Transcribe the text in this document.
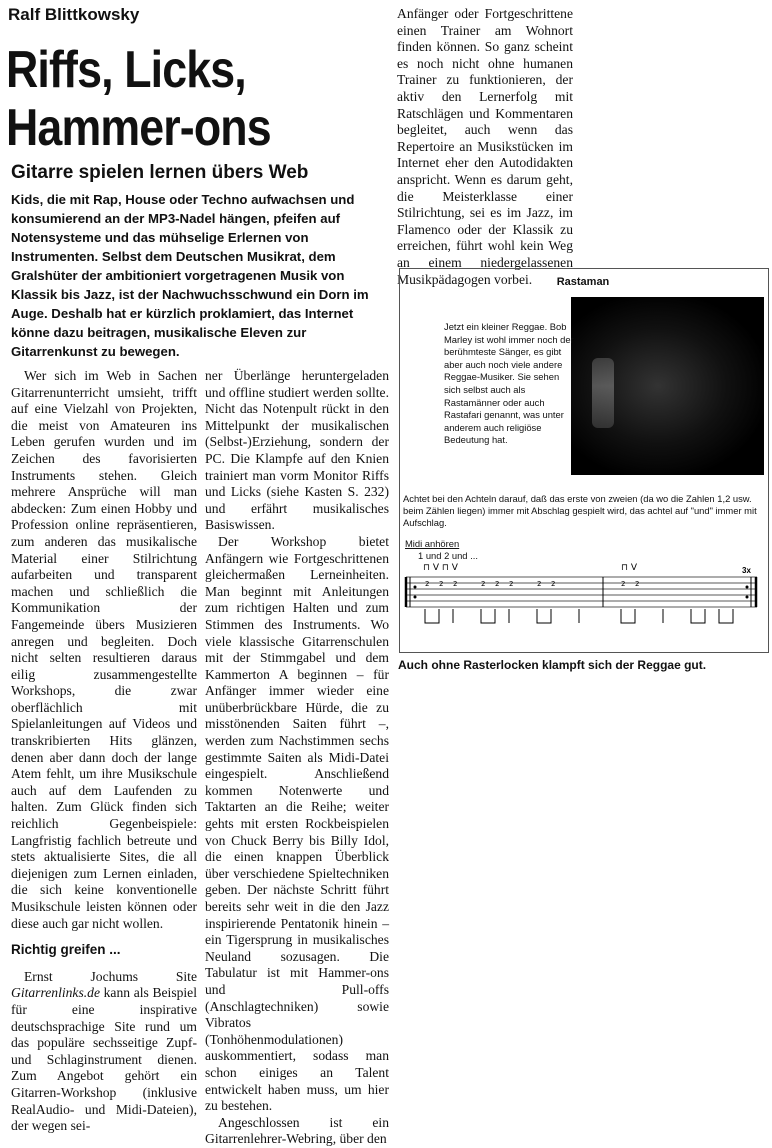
Ralf Blittkowsky
Riffs, Licks,
Hammer-ons
Gitarre spielen lernen übers Web
Kids, die mit Rap, House oder Techno aufwachsen und konsumierend an der MP3-Nadel hängen, pfeifen auf Notensysteme und das mühselige Erlernen von Instrumenten. Selbst dem Deutschen Musikrat, dem Gralshüter der ambitioniert vorgetragenen Musik von Klassik bis Jazz, ist der Nachwuchsschwund ein Dorn im Auge. Deshalb hat er kürzlich proklamiert, das Internet könne dazu beitragen, musikalische Eleven zur Gitarrenkunst zu bewegen.

Wer sich im Web in Sachen Gitarrenunterricht umsieht, trifft auf eine Vielzahl von Projekten, die meist von Amateuren ins Leben gerufen wurden und im Zeichen des favorisierten Instruments stehen. Gleich mehrere Ansprüche will man abdecken: Zum einen Hobby und Profession online repräsentieren, zum anderen das musikalische Material einer Stilrichtung aufarbeiten und transparent machen und schließlich die Kommunikation der Fangemeinde übers Musizieren anregen und begleiten. Doch nicht selten resultieren daraus eilig zusammengestellte Workshops, die zwar oberflächlich mit Spielanleitungen auf Videos und transkribierten Hits glänzen, denen aber dann doch der lange Atem fehlt, um ihre Musikschule auch auf dem Laufenden zu halten. Zum Glück finden sich reichlich Gegenbeispiele: Langfristig fachlich betreute und stets aktualisierte Sites, die all diejenigen zum Lernen einladen, die sich keine konventionelle Musikschule leisten können oder diese auch gar nicht wollen.

Richtig greifen ...

Ernst Jochums Site Gitarrenlinks.de kann als Beispiel für eine inspirative deutschsprachige Site rund um das populäre sechsseitige Zupf- und Schlaginstrument dienen. Zum Angebot gehört ein Gitarren-Workshop (inklusive RealAudio- und Midi-Dateien), der wegen sei-

ner Überlänge heruntergeladen und offline studiert werden sollte. Nicht das Notenpult rückt in den Mittelpunkt der musikalischen (Selbst-)Erziehung, sondern der PC. Die Klampfe auf den Knien trainiert man vorm Monitor Riffs und Licks (siehe Kasten S. 232) und erfährt musikalisches Basiswissen.

Der Workshop bietet Anfängern wie Fortgeschrittenen gleichermaßen Lerneinheiten. Man beginnt mit Anleitungen zum richtigen Halten und zum Stimmen des Instruments. Wo viele klassische Gitarrenschulen mit der Stimmgabel und dem Kammerton A beginnen – für Anfänger immer wieder eine unüberbrückbare Hürde, die zu misstönenden Saiten führt –, werden zum Nachstimmen sechs gestimmte Saiten als Midi-Datei eingespielt. Anschließend kommen Notenwerte und Taktarten an die Reihe; weiter gehts mit ersten Rockbeispielen von Chuck Berry bis Billy Idol, die einen knappen Überblick über verschiedene Spieltechniken geben. Der nächste Schritt führt bereits sehr weit in die den Jazz inspirierende Pentatonik hinein – ein Tigersprung in musikalisches Neuland sozusagen. Die Tabulatur ist mit Hammer-ons und Pull-offs (Anschlagtechniken) sowie Vibratos (Tonhöhenmodulationen) auskommentiert, sodass man schon einiges an Talent entwickelt haben muss, um hier zu bestehen.

Angeschlossen ist ein Gitarrenlehrer-Webring, über den

Anfänger oder Fortgeschrittene einen Trainer am Wohnort finden können. So ganz scheint es noch nicht ohne humanen Trainer zu funktionieren, der aktiv den Lernerfolg mit Ratschlägen und Kommentaren begleitet, auch wenn das Repertoire an Musikstücken im Internet eher den Autodidakten anspricht. Wenn es darum geht, die Meisterklasse einer Stilrichtung, sei es im Jazz, im Flamenco oder der Klassik zu erreichen, führt wohl kein Weg an einem niedergelassenen Musikpädagogen vorbei.	Rastaman
Jetzt ein kleiner Reggae. Bob Marley ist wohl immer noch der berühmteste Sänger, es gibt aber auch noch viele andere Reggae-Musiker. Sie sehen sich selbst auch als Rastamänner oder auch Rastafari genannt, was unter anderem auch religiöse Bedeutung hat.
Achtet bei den Achteln darauf, daß das erste von zweien (da wo die Zahlen 1,2 usw. beim Zählen liegen) immer mit Abschlag gespielt wird, das achtel auf "und" immer mit Aufschlag.
Midi anhören
1 und 2 und ...
⊓ V ⊓ V	⊓ V	3x
2 2 2	2 2 2	2 2	2 2
Auch ohne Rasterlocken klampft sich der Reggae gut.
